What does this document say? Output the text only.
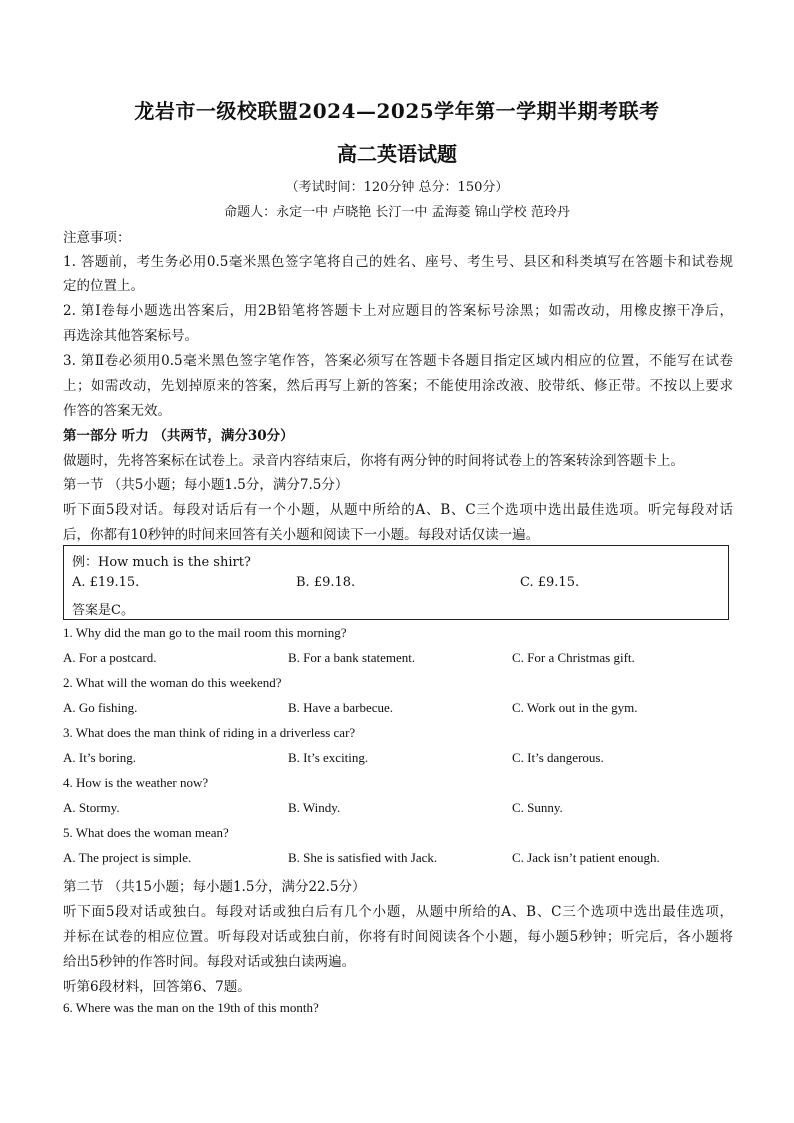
龙岩市一级校联盟2024—2025学年第一学期半期考联考
高二英语试题
（考试时间：120分钟 总分：150分）
命题人：永定一中 卢晓艳 长汀一中 孟海菱 锦山学校 范玲丹
注意事项：
1. 答题前，考生务必用0.5毫米黑色签字笔将自己的姓名、座号、考生号、县区和科类填写在答题卡和试卷规
定的位置上。
2. 第Ⅰ卷每小题选出答案后，用2B铅笔将答题卡上对应题目的答案标号涂黑；如需改动，用橡皮擦干净后，
再选涂其他答案标号。
3. 第Ⅱ卷必须用0.5毫米黑色签字笔作答，答案必须写在答题卡各题目指定区域内相应的位置，不能写在试卷
上；如需改动，先划掉原来的答案，然后再写上新的答案；不能使用涂改液、胶带纸、修正带。不按以上要求
作答的答案无效。
第一部分 听力 （共两节，满分30分）
做题时，先将答案标在试卷上。录音内容结束后，你将有两分钟的时间将试卷上的答案转涂到答题卡上。
第一节 （共5小题；每小题1.5分，满分7.5分）
听下面5段对话。每段对话后有一个小题，从题中所给的A、B、C三个选项中选出最佳选项。听完每段对话
后，你都有10秒钟的时间来回答有关小题和阅读下一小题。每段对话仅读一遍。
例：How much is the shirt?
A. £19.15.	B. £9.18.	C. £9.15.
答案是C。
1. Why did the man go to the mail room this morning?
A. For a postcard.	B. For a bank statement.	C. For a Christmas gift.
2. What will the woman do this weekend?
A. Go fishing.	B. Have a barbecue.	C. Work out in the gym.
3. What does the man think of riding in a driverless car?
A. It’s boring.	B. It’s exciting.	C. It’s dangerous.
4. How is the weather now?
A. Stormy.	B. Windy.	C. Sunny.
5. What does the woman mean?
A. The project is simple.	B. She is satisfied with Jack.	C. Jack isn’t patient enough.
第二节 （共15小题；每小题1.5分，满分22.5分）
听下面5段对话或独白。每段对话或独白后有几个小题，从题中所给的A、B、C三个选项中选出最佳选项，
并标在试卷的相应位置。听每段对话或独白前，你将有时间阅读各个小题，每小题5秒钟；听完后，各小题将
给出5秒钟的作答时间。每段对话或独白读两遍。
听第6段材料，回答第6、7题。
6. Where was the man on the 19th of this month?
